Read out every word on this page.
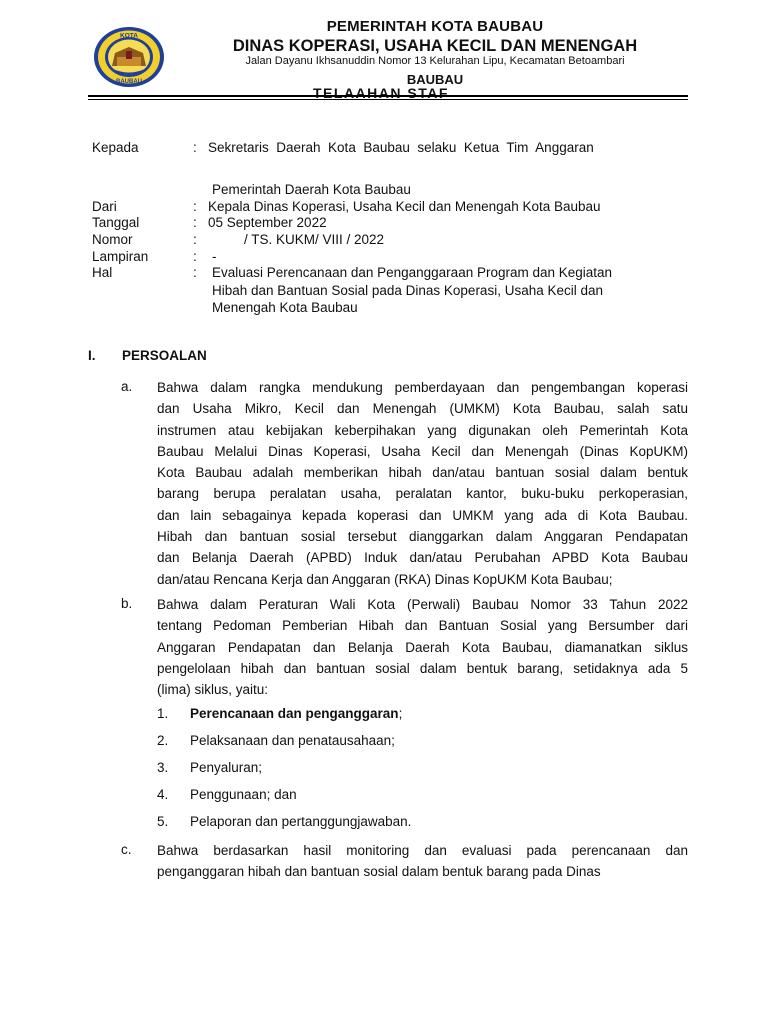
KOTA
BAUBAU
PEMERINTAH KOTA BAUBAU
DINAS KOPERASI, USAHA KECIL DAN MENENGAH
Jalan Dayanu Ikhsanuddin Nomor 13 Kelurahan Lipu, Kecamatan Betoambari
BAUBAU
TELAAHAN STAF
Kepada	: Sekretaris  Daerah  Kota  Baubau  selaku  Ketua  Tim  Anggaran
Pemerintah Daerah Kota Baubau
Dari	: Kepala Dinas Koperasi, Usaha Kecil dan Menengah Kota Baubau
Tanggal	: 05 September 2022
Nomor	:	/ TS. KUKM/ VIII / 2022
Lampiran	: -
Hal	: Evaluasi Perencanaan dan Penganggaraan Program dan Kegiatan
Hibah dan Bantuan Sosial pada Dinas Koperasi, Usaha Kecil dan
Menengah Kota Baubau
I. PERSOALAN
a. Bahwa dalam rangka mendukung pemberdayaan dan pengembangan koperasi
dan Usaha Mikro, Kecil dan Menengah (UMKM) Kota Baubau, salah satu
instrumen atau kebijakan keberpihakan yang digunakan oleh Pemerintah Kota
Baubau Melalui Dinas Koperasi, Usaha Kecil dan Menengah (Dinas KopUKM)
Kota Baubau adalah memberikan hibah dan/atau bantuan sosial dalam bentuk
barang berupa peralatan usaha, peralatan kantor, buku-buku perkoperasian,
dan lain sebagainya kepada koperasi dan UMKM yang ada di Kota Baubau.
Hibah dan bantuan sosial tersebut dianggarkan dalam Anggaran Pendapatan
dan Belanja Daerah (APBD) Induk dan/atau Perubahan APBD Kota Baubau
dan/atau Rencana Kerja dan Anggaran (RKA) Dinas KopUKM Kota Baubau;
b. Bahwa dalam Peraturan Wali Kota (Perwali) Baubau Nomor 33 Tahun 2022
tentang Pedoman Pemberian Hibah dan Bantuan Sosial yang Bersumber dari
Anggaran Pendapatan dan Belanja Daerah Kota Baubau, diamanatkan siklus
pengelolaan hibah dan bantuan sosial dalam bentuk barang, setidaknya ada 5
(lima) siklus, yaitu:
1. Perencanaan dan penganggaran;
2. Pelaksanaan dan penatausahaan;
3. Penyaluran;
4. Penggunaan; dan
5. Pelaporan dan pertanggungjawaban.
c. Bahwa berdasarkan hasil monitoring dan evaluasi pada perencanaan dan
penganggaran hibah dan bantuan sosial dalam bentuk barang pada Dinas
